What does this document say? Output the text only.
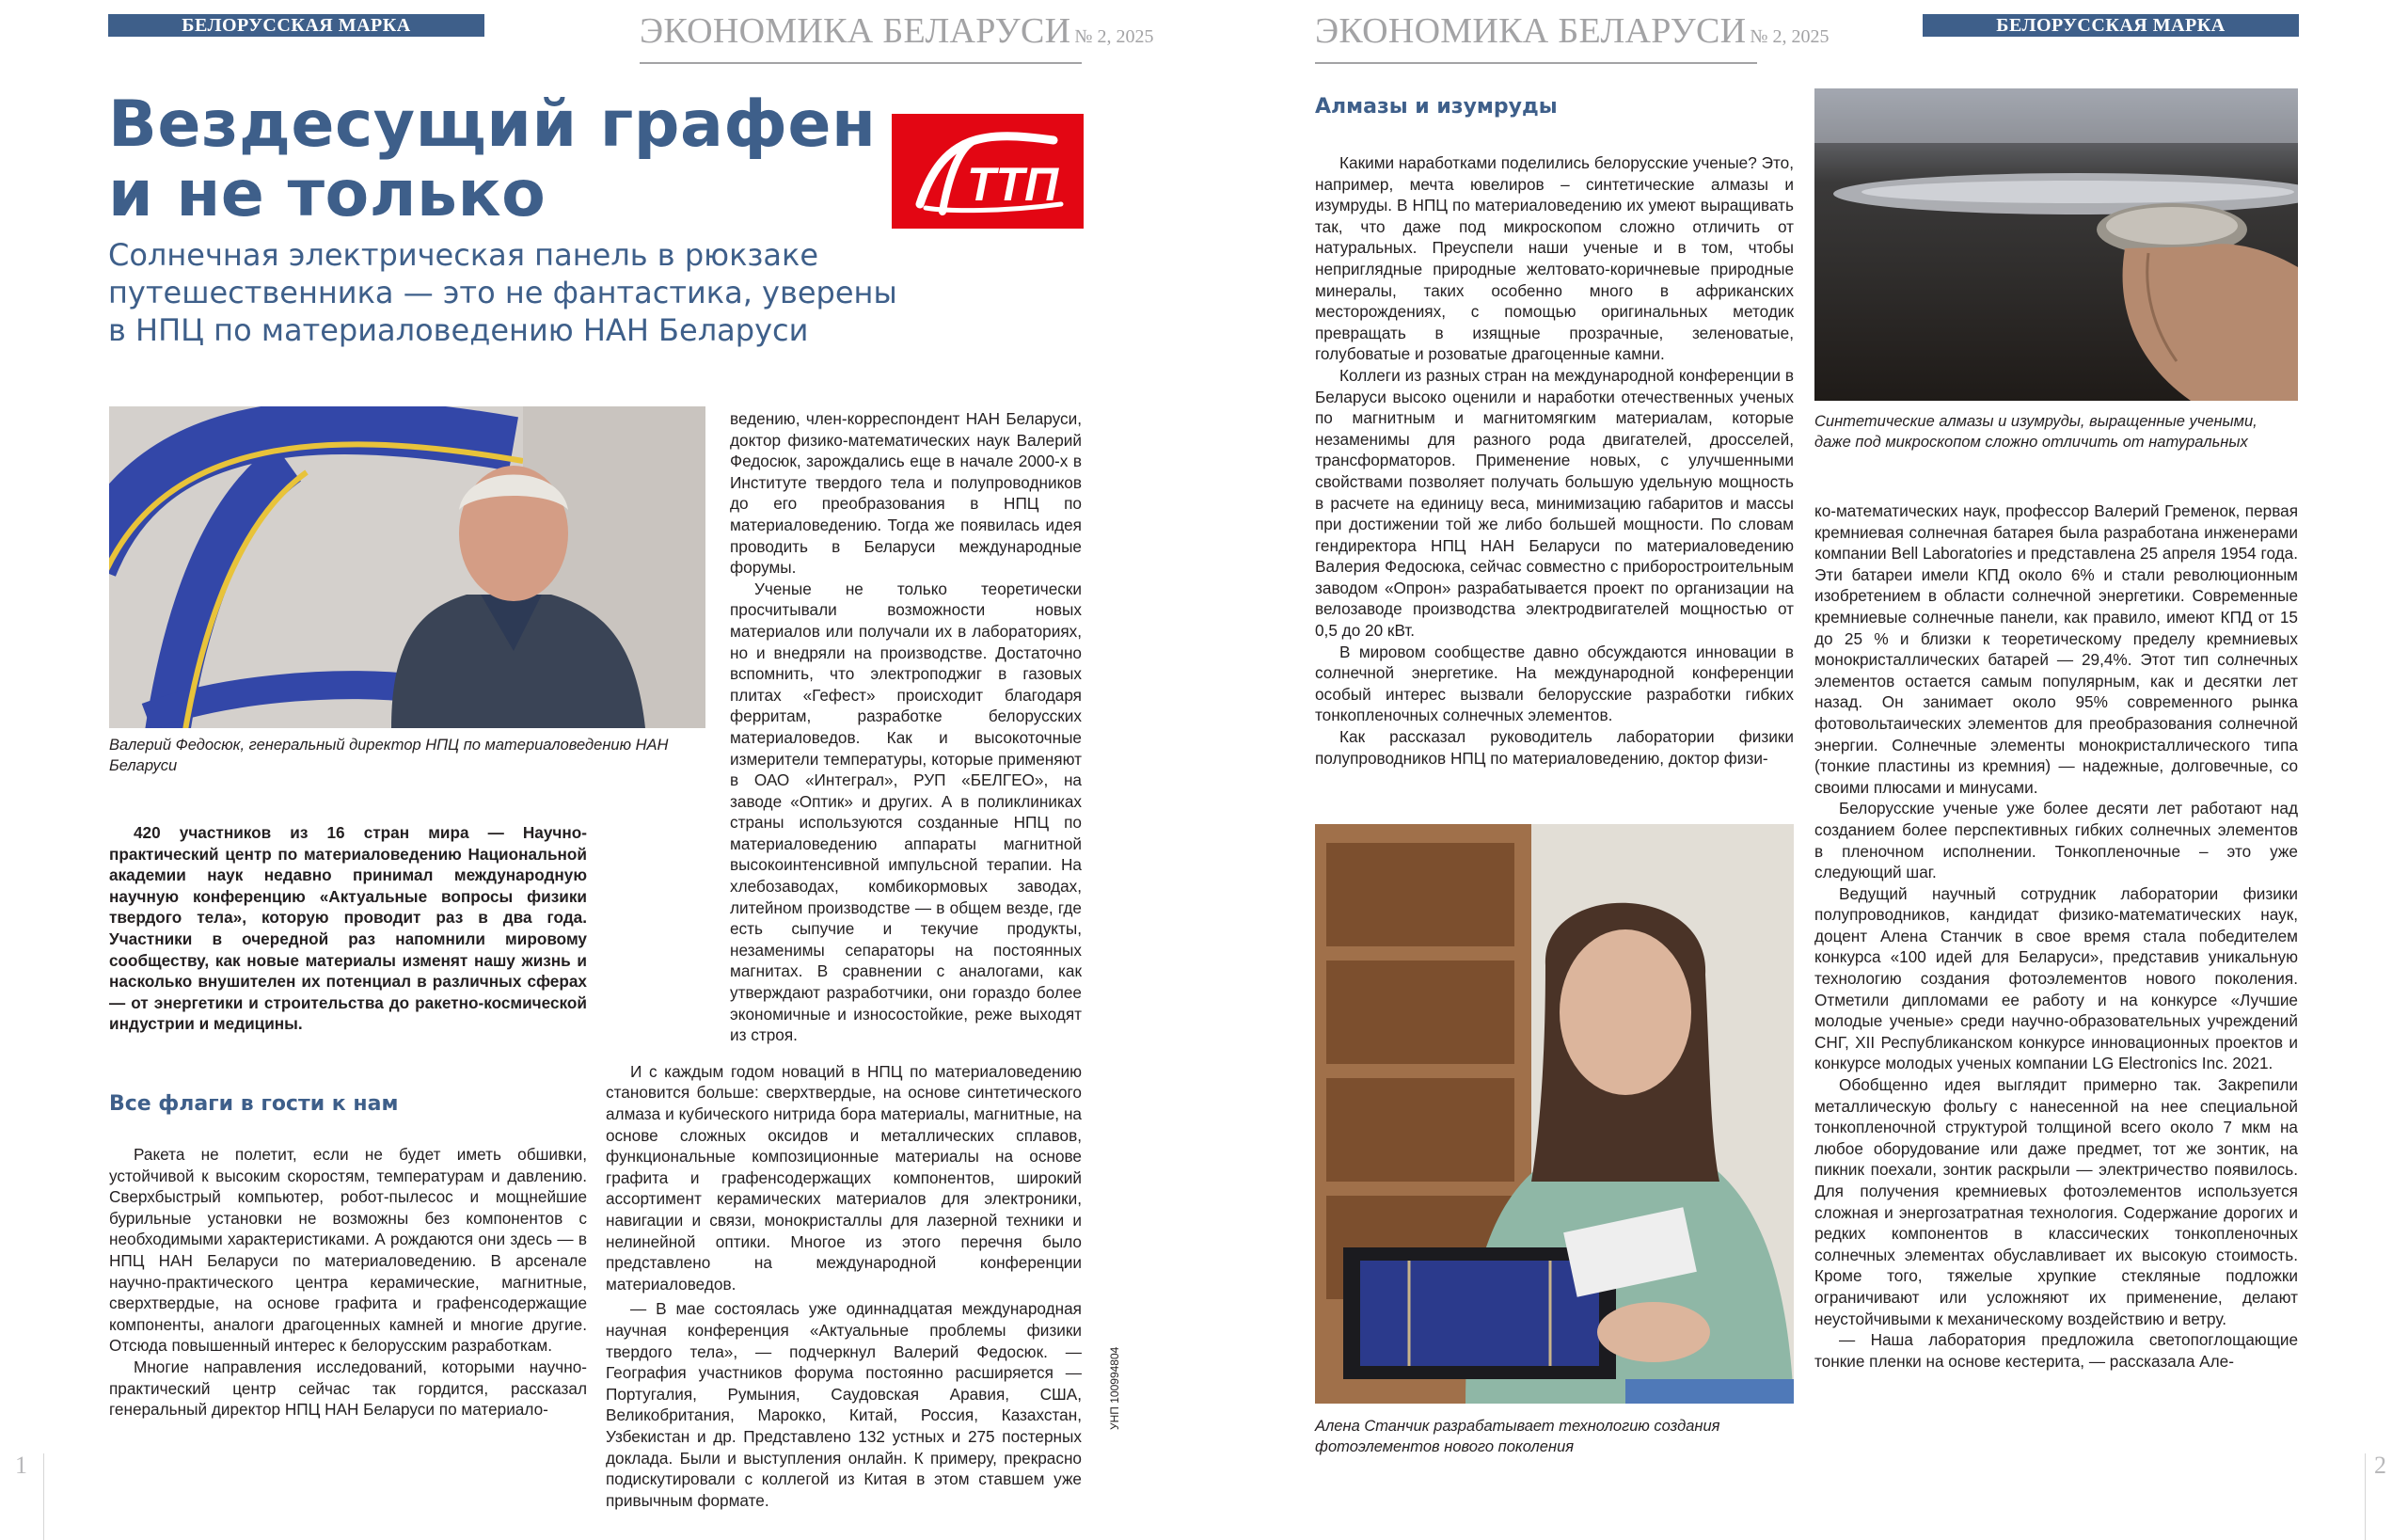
БЕЛОРУССКАЯ МАРКА	ЭКОНОМИКА БЕЛАРУСИ № 2, 2025
Вездесущий графен
и не только	ТТП
Солнечная электрическая панель в рюкзаке
путешественника — это не фантастика, уверены
в НПЦ по материаловедению НАН Беларуси
Валерий Федосюк, генеральный директор НПЦ по материаловедению НАН Беларуси

420 участников из 16 стран мира — Научно-практический центр по материаловедению Национальной академии наук недавно принимал международную научную конференцию «Актуальные вопросы физики твердого тела», которую проводит раз в два года. Участники в очередной раз напомнили мировому сообществу, как новые материалы изменят нашу жизнь и насколько внушителен их потенциал в различных сферах — от энергетики и строительства до ракетно-космической индустрии и медицины.

Все флаги в гости к нам

Ракета не полетит, если не будет иметь обшивки, устойчивой к высоким скоростям, температурам и давлению. Сверхбыстрый компьютер, робот-пылесос и мощнейшие бурильные установки не возможны без компонентов с необходимыми характеристиками. А рождаются они здесь — в НПЦ НАН Беларуси по материаловедению. В арсенале научно-практического центра керамические, магнитные, сверхтвердые, на основе графита и графенсодержащие компоненты, аналоги драгоценных камней и многие другие. Отсюда повышенный интерес к белорусским разработкам.

Многие направления исследований, которыми научно-практический центр сейчас так гордится, рассказал генеральный директор НПЦ НАН Беларуси по материало-

ведению, член-корреспондент НАН Беларуси, доктор физико-математических наук Валерий Федосюк, зарождались еще в начале 2000-х в Институте твердого тела и полупроводников до его преобразования в НПЦ по материаловедению. Тогда же появилась идея проводить в Беларуси международные форумы.

Ученые не только теоретически просчитывали возможности новых материалов или получали их в лабораториях, но и внедряли на производстве. Достаточно вспомнить, что электроподжиг в газовых плитах «Гефест» происходит благодаря ферритам, разработке белорусских материаловедов. Как и высокоточные измерители температуры, которые применяют в ОАО «Интеграл», РУП «БЕЛГЕО», на заводе «Оптик» и других. А в поликлиниках страны используются созданные НПЦ по материаловедению аппараты магнитной высокоинтенсивной импульсной терапии. На хлебозаводах, комбикормовых заводах, литейном производстве — в общем везде, где есть сыпучие и текучие продукты, незаменимы сепараторы на постоянных магнитах. В сравнении с аналогами, как утверждают разработчики, они гораздо более экономичные и износостойкие, реже выходят из строя.

И с каждым годом новаций в НПЦ по материаловедению становится больше: сверхтвердые, на основе синтетического алмаза и кубического нитрида бора материалы, магнитные, на основе сложных оксидов и металлических сплавов, функциональные композиционные материалы на основе графита и графенсодержащих компонентов, широкий ассортимент керамических материалов для электроники, навигации и связи, монокристаллы для лазерной техники и нелинейной оптики. Многое из этого перечня было представлено на международной конференции материаловедов.

— В мае состоялась уже одиннадцатая международная научная конференция «Актуальные проблемы физики твердого тела», — подчеркнул Валерий Федосюк. — География участников форума постоянно расширяется — Португалия, Румыния, Саудовская Аравия, США, Великобритания, Марокко, Китай, Россия, Казахстан, Узбекистан и др. Представлено 132 устных и 275 постерных доклада. Были и выступления онлайн. К примеру, прекрасно подискутировали с коллегой из Китая в этом ставшем уже привычным формате.

УНП 100994804
1	2
ЭКОНОМИКА БЕЛАРУСИ № 2, 2025
БЕЛОРУССКАЯ МАРКА
Алмазы и изумруды

Какими наработками поделились белорусские ученые? Это, например, мечта ювелиров – синтетические алмазы и изумруды. В НПЦ по материаловедению их умеют выращивать так, что даже под микроскопом сложно отличить от натуральных. Преуспели наши ученые и в том, чтобы неприглядные природные желтовато-коричневые природные минералы, таких особенно много в африканских месторождениях, с помощью оригинальных методик превращать в изящные прозрачные, зеленоватые, голубоватые и розоватые драгоценные камни.

Коллеги из разных стран на международной конференции в Беларуси высоко оценили и наработки отечественных ученых по магнитным и магнитомягким материалам, которые незаменимы для разного рода двигателей, дросселей, трансформаторов. Применение новых, с улучшенными свойствами позволяет получать большую удельную мощность в расчете на единицу веса, минимизацию габаритов и массы при достижении той же либо большей мощности. По словам гендиректора НПЦ НАН Беларуси по материаловедению Валерия Федосюка, сейчас совместно с приборостроительным заводом «Опрон» разрабатывается проект по организации на велозаводе производства электродвигателей мощностью от 0,5 до 20 кВт.

В мировом сообществе давно обсуждаются инновации в солнечной энергетике. На международной конференции особый интерес вызвали белорусские разработки гибких тонкопленочных солнечных элементов.

Как рассказал руководитель лаборатории физики полупроводников НПЦ по материаловедению, доктор физи-

Синтетические алмазы и изумруды, выращенные учеными, даже под микроскопом сложно отличить от натуральных
Алена Станчик разрабатывает технологию создания фотоэлементов нового поколения

ко-математических наук, профессор Валерий Гременок, первая кремниевая солнечная батарея была разработана инженерами компании Bell Laboratories и представлена 25 апреля 1954 года. Эти батареи имели КПД около 6% и стали революционным изобретением в области солнечной энергетики. Современные кремниевые солнечные панели, как правило, имеют КПД от 15 до 25 % и близки к теоретическому пределу кремниевых монокристаллических батарей — 29,4%. Этот тип солнечных элементов остается самым популярным, как и десятки лет назад. Он занимает около 95% современного рынка фотовольтаических элементов для преобразования солнечной энергии. Солнечные элементы монокристаллического типа (тонкие пластины из кремния) — надежные, долговечные, со своими плюсами и минусами.

Белорусские ученые уже более десяти лет работают над созданием более перспективных гибких солнечных элементов в пленочном исполнении. Тонкопленочные – это уже следующий шаг.

Ведущий научный сотрудник лаборатории физики полупроводников, кандидат физико-математических наук, доцент Алена Станчик в свое время стала победителем конкурса «100 идей для Беларуси», представив уникальную технологию создания фотоэлементов нового поколения. Отметили дипломами ее работу и на конкурсе «Лучшие молодые ученые» среди научно-образовательных учреждений СНГ, XII Республиканском конкурсе инновационных проектов и конкурсе молодых ученых компании LG Electronics Inc. 2021.

Обобщенно идея выглядит примерно так. Закрепили металлическую фольгу с нанесенной на нее специальной тонкопленочной структурой толщиной всего около 7 мкм на любое оборудование или даже предмет, тот же зонтик, на пикник поехали, зонтик раскрыли — электричество появилось. Для получения кремниевых фотоэлементов используется сложная и энергозатратная технология. Содержание дорогих и редких компонентов в классических тонкопленочных солнечных элементах обуславливает их высокую стоимость. Кроме того, тяжелые хрупкие стекляные подложки ограничивают или усложняют их применение, делают неустойчивыми к механическому воздействию и ветру.

— Наша лаборатория предложила светопоглощающие тонкие пленки на основе кестерита, — рассказала Але-
